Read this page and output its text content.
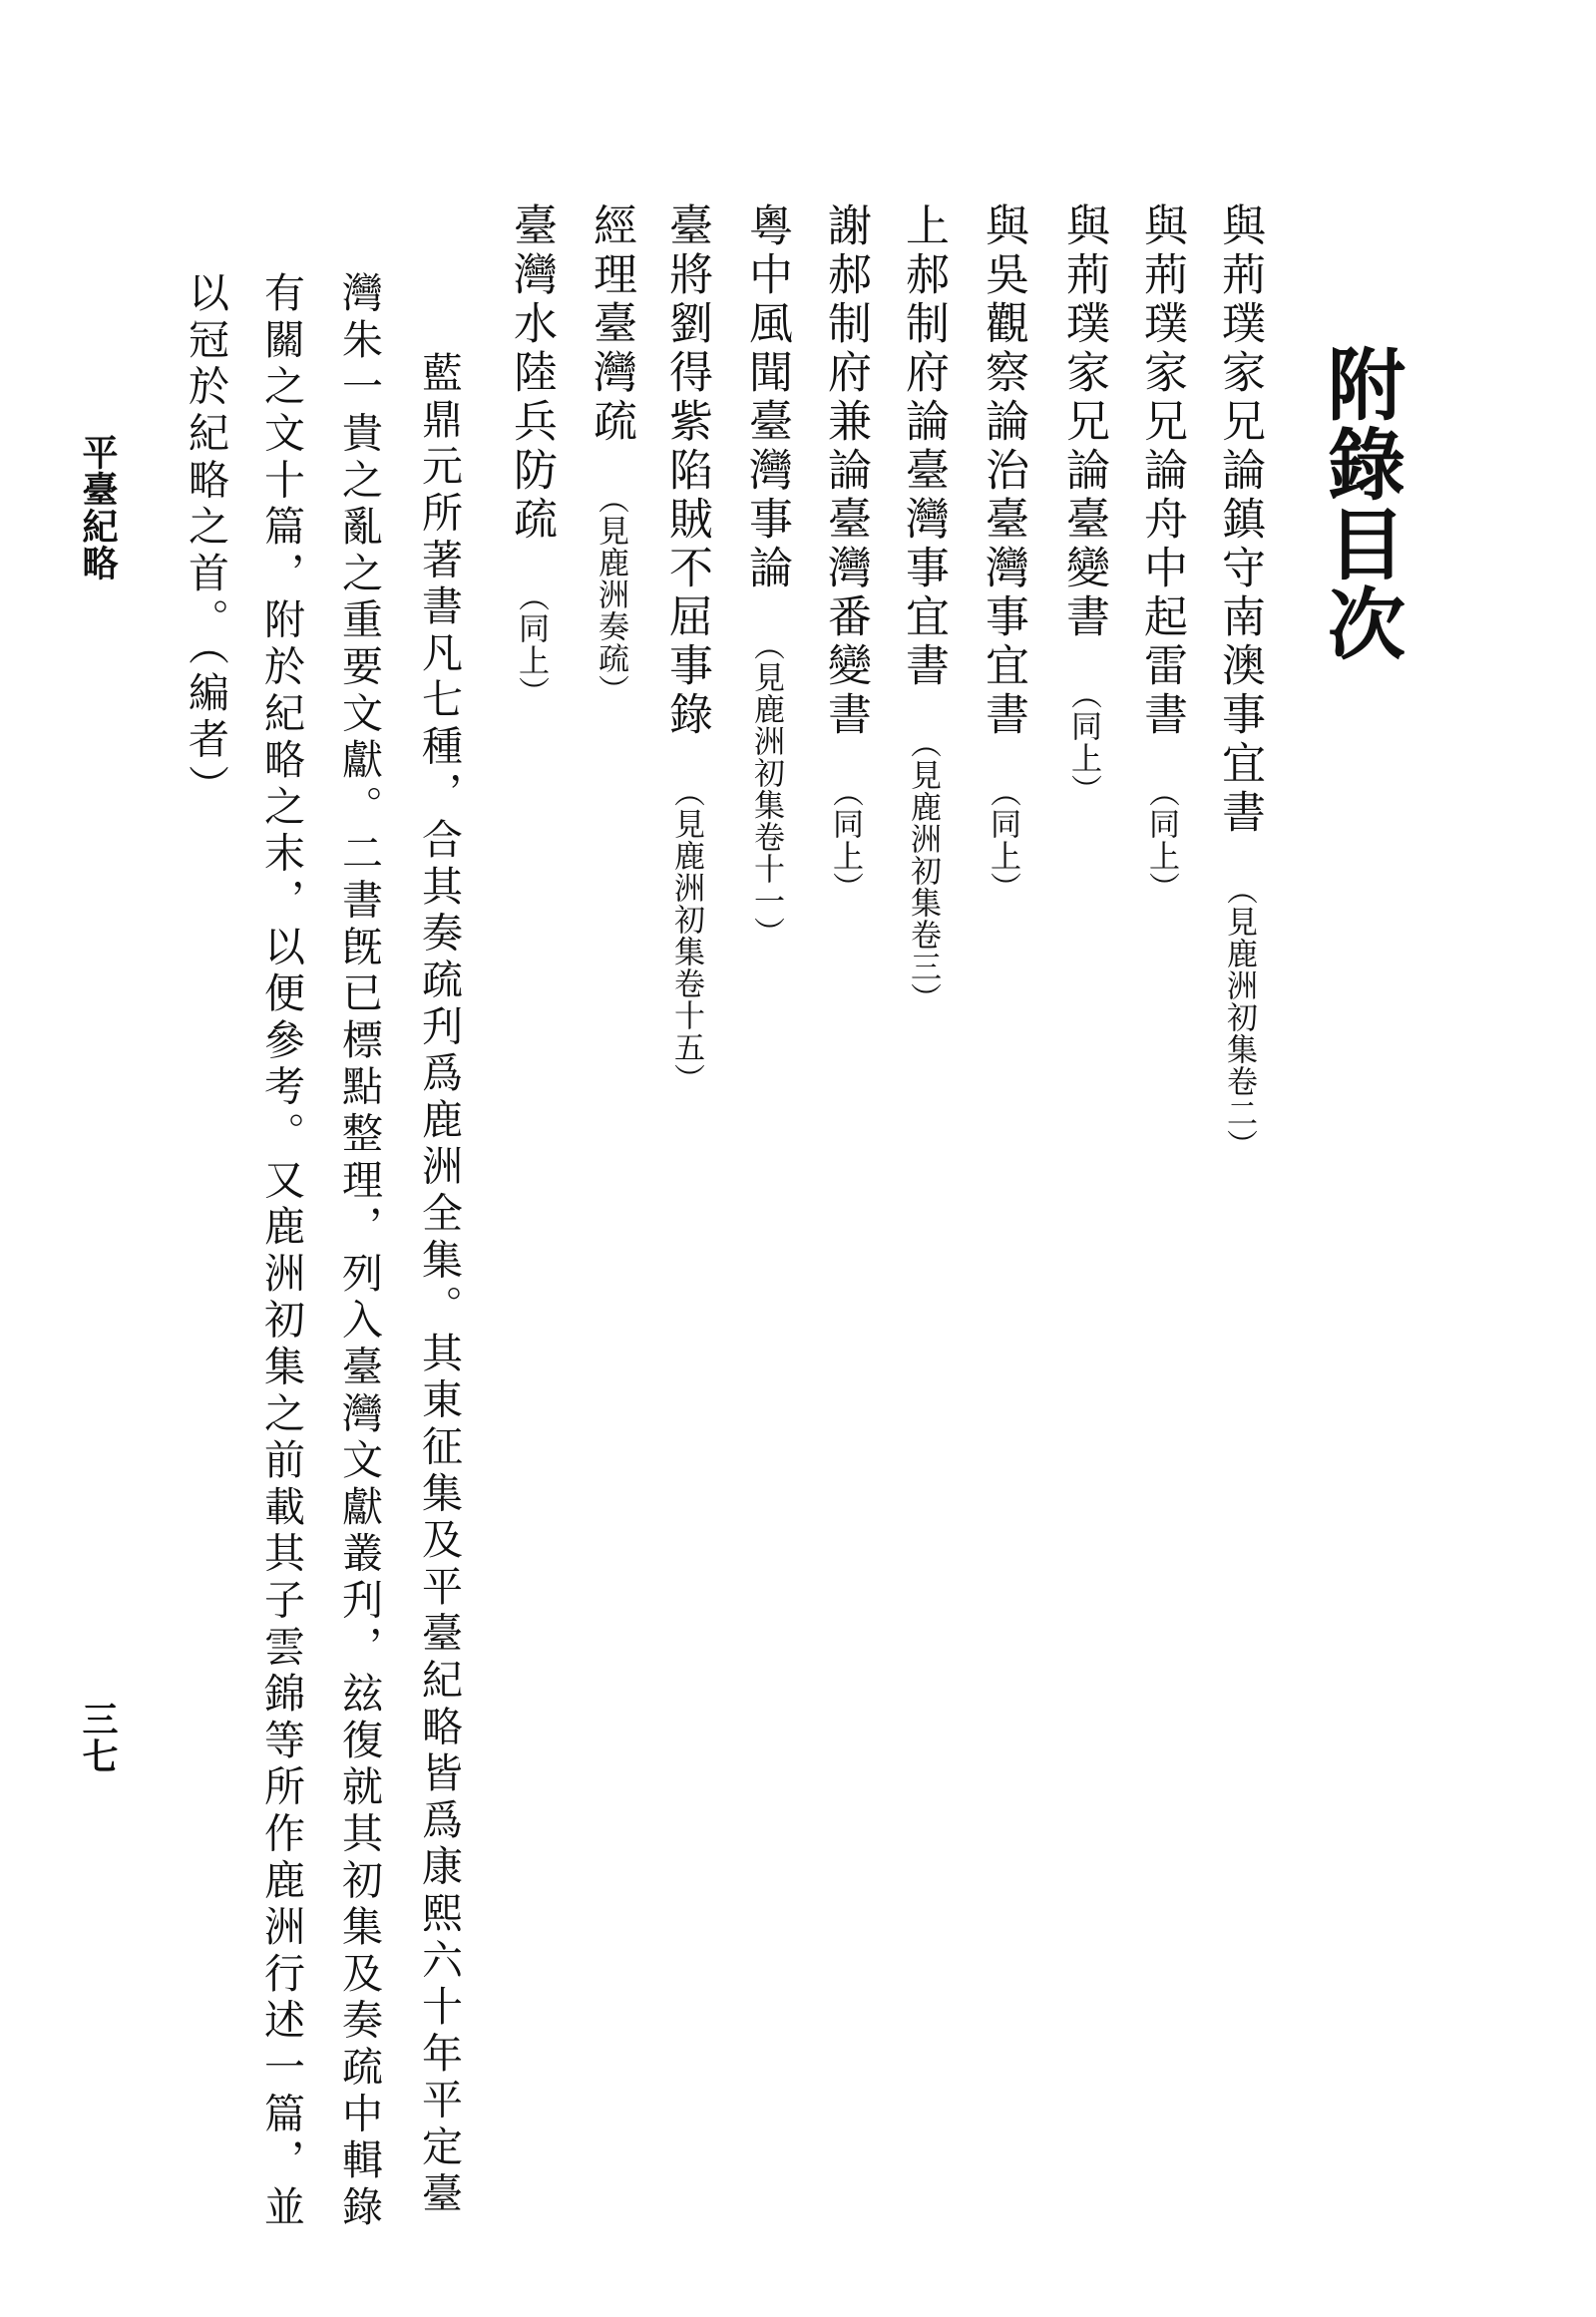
附錄目次
與荊璞家兄論鎮守南澳事宜書（見鹿洲初集卷二）
與荊璞家兄論舟中起雷書（同上）
與荊璞家兄論臺變書（同上）
與吳觀察論治臺灣事宜書（同上）
上郝制府論臺灣事宜書（見鹿洲初集卷三）
謝郝制府兼論臺灣番變書（同上）
粵中風聞臺灣事論（見鹿洲初集卷十一）
臺將劉得紫陷賊不屈事錄（見鹿洲初集卷十五）
經理臺灣疏（見鹿洲奏疏）
臺灣水陸兵防疏（同上）
藍鼎元所著書凡七種，合其奏疏刋爲鹿洲全集。其東征集及平臺紀略皆爲康熙六十年平定臺
灣朱一貴之亂之重要文獻。二書旣已標點整理，列入臺灣文獻叢刋，玆復就其初集及奏疏中輯錄
有關之文十篇，附於紀略之末，以便參考。又鹿洲初集之前載其子雲錦等所作鹿洲行述一篇，並
以冠於紀略之首。（編者）
平臺紀略
三七
